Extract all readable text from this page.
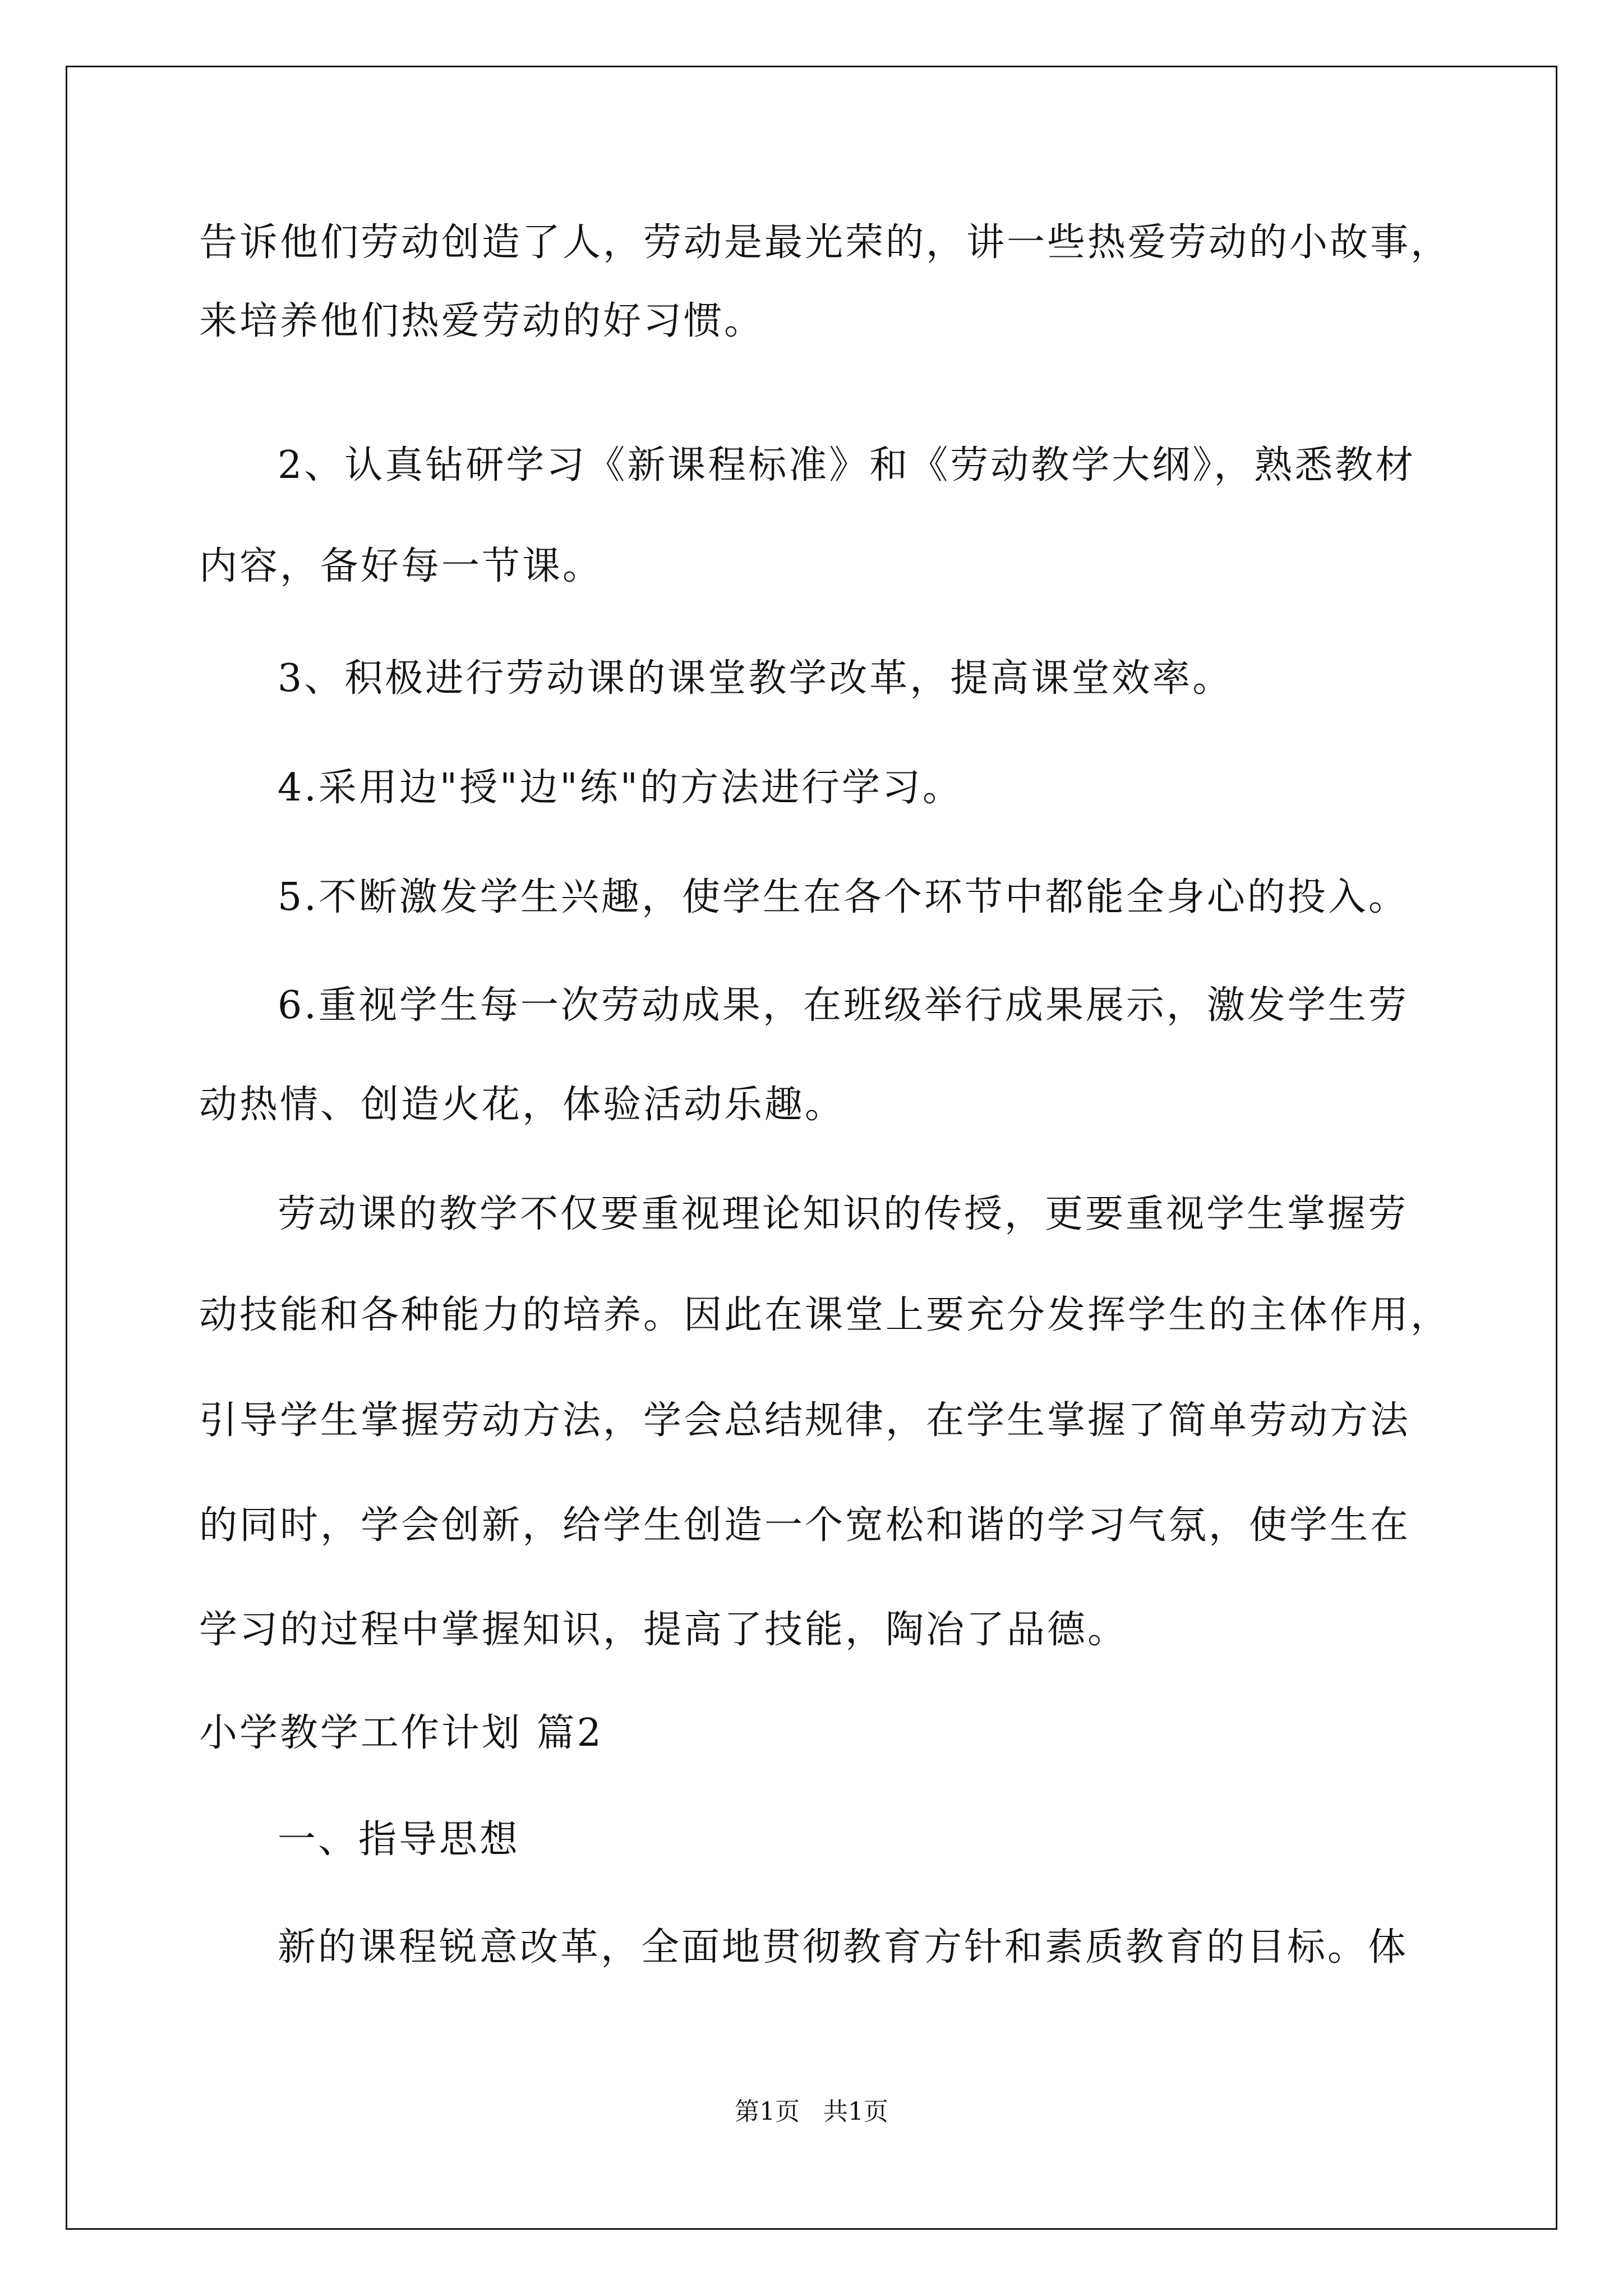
告诉他们劳动创造了人，劳动是最光荣的，讲一些热爱劳动的小故事，
来培养他们热爱劳动的好习惯。
2、认真钻研学习《新课程标准》和《劳动教学大纲》，熟悉教材
内容，备好每一节课。
3、积极进行劳动课的课堂教学改革，提高课堂效率。
4.采用边"授"边"练"的方法进行学习。
5.不断激发学生兴趣，使学生在各个环节中都能全身心的投入。
6.重视学生每一次劳动成果，在班级举行成果展示，激发学生劳
动热情、创造火花，体验活动乐趣。
劳动课的教学不仅要重视理论知识的传授，更要重视学生掌握劳
动技能和各种能力的培养。因此在课堂上要充分发挥学生的主体作用，
引导学生掌握劳动方法，学会总结规律，在学生掌握了简单劳动方法
的同时，学会创新，给学生创造一个宽松和谐的学习气氛，使学生在
学习的过程中掌握知识，提高了技能，陶冶了品德。
小学教学工作计划 篇2
一、指导思想
新的课程锐意改革，全面地贯彻教育方针和素质教育的目标。体
第1页   共1页
